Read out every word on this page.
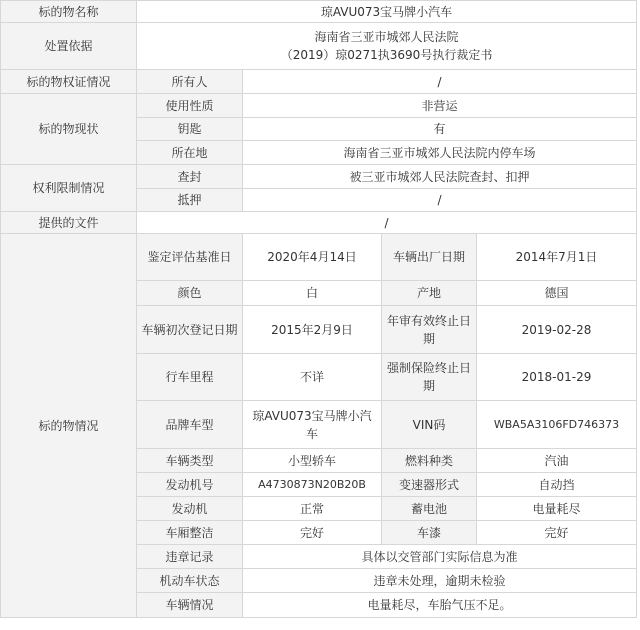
标的物名称	琼AVU073宝马牌小汽车			
处置依据	海南省三亚市城郊人民法院
（2019）琼0271执3690号执行裁定书			

标的物权证情况	所有人	/		
标的物现状	使用性质	非营运		
	钥匙	有		
	所在地	海南省三亚市城郊人民法院内停车场		
权利限制情况	查封	被三亚市城郊人民法院查封、扣押		
	抵押	/		
提供的文件	/			
标的物情况	鉴定评估基准日	2020年4月14日	车辆出厂日期	2014年7月1日
	颜色	白	产地	德国
	车辆初次登记日期	2015年2月9日	年审有效终止日期	2019-02-28
	行车里程	不详	强制保险终止日期	2018-01-29
	品牌车型	琼AVU073宝马牌小汽车	VIN码	WBA5A3106FD746373
	车辆类型	小型轿车	燃料种类	汽油
	发动机号	A4730873N20B20B	变速器形式	自动挡
	发动机	正常	蓄电池	电量耗尽
	车厢整洁	完好	车漆	完好
	违章记录	具体以交管部门实际信息为准		
	机动车状态	违章未处理，逾期未检验		
	车辆情况	电量耗尽，车胎气压不足。		
